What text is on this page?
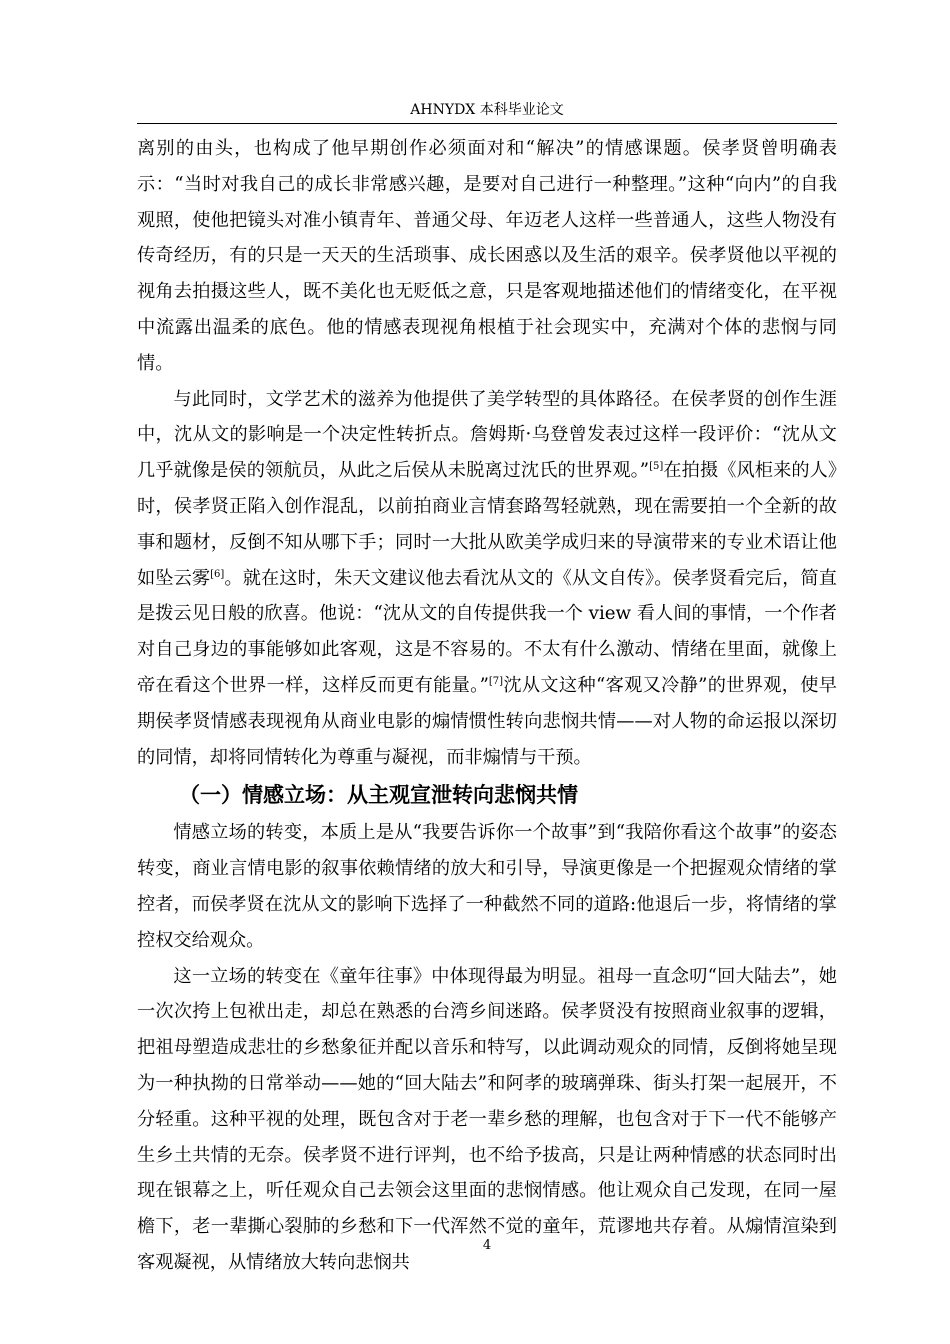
AHNYDX 本科毕业论文

离别的由头，也构成了他早期创作必须面对和“解决”的情感课题。侯孝贤曾明确表示：“当时对我自己的成长非常感兴趣，是要对自己进行一种整理。”这种“向内”的自我观照，使他把镜头对准小镇青年、普通父母、年迈老人这样一些普通人，这些人物没有传奇经历，有的只是一天天的生活琐事、成长困惑以及生活的艰辛。侯孝贤他以平视的视角去拍摄这些人，既不美化也无贬低之意，只是客观地描述他们的情绪变化，在平视中流露出温柔的底色。他的情感表现视角根植于社会现实中，充满对个体的悲悯与同情。

与此同时，文学艺术的滋养为他提供了美学转型的具体路径。在侯孝贤的创作生涯中，沈从文的影响是一个决定性转折点。詹姆斯·乌登曾发表过这样一段评价：“沈从文几乎就像是侯的领航员，从此之后侯从未脱离过沈氏的世界观。”[5]在拍摄《风柜来的人》时，侯孝贤正陷入创作混乱，以前拍商业言情套路驾轻就熟，现在需要拍一个全新的故事和题材，反倒不知从哪下手；同时一大批从欧美学成归来的导演带来的专业术语让他如坠云雾[6]。就在这时，朱天文建议他去看沈从文的《从文自传》。侯孝贤看完后，简直是拨云见日般的欣喜。他说：“沈从文的自传提供我一个 view 看人间的事情，一个作者对自己身边的事能够如此客观，这是不容易的。不太有什么激动、情绪在里面，就像上帝在看这个世界一样，这样反而更有能量。”[7]沈从文这种“客观又冷静”的世界观，使早期侯孝贤情感表现视角从商业电影的煽情惯性转向悲悯共情——对人物的命运报以深切的同情，却将同情转化为尊重与凝视，而非煽情与干预。

（一）情感立场：从主观宣泄转向悲悯共情

情感立场的转变，本质上是从“我要告诉你一个故事”到“我陪你看这个故事”的姿态转变，商业言情电影的叙事依赖情绪的放大和引导，导演更像是一个把握观众情绪的掌控者，而侯孝贤在沈从文的影响下选择了一种截然不同的道路:他退后一步，将情绪的掌控权交给观众。

这一立场的转变在《童年往事》中体现得最为明显。祖母一直念叨“回大陆去”，她一次次挎上包袱出走，却总在熟悉的台湾乡间迷路。侯孝贤没有按照商业叙事的逻辑，把祖母塑造成悲壮的乡愁象征并配以音乐和特写，以此调动观众的同情，反倒将她呈现为一种执拗的日常举动——她的“回大陆去”和阿孝的玻璃弹珠、街头打架一起展开，不分轻重。这种平视的处理，既包含对于老一辈乡愁的理解，也包含对于下一代不能够产生乡土共情的无奈。侯孝贤不进行评判，也不给予拔高，只是让两种情感的状态同时出现在银幕之上，听任观众自己去领会这里面的悲悯情感。他让观众自己发现，在同一屋檐下，老一辈撕心裂肺的乡愁和下一代浑然不觉的童年，荒谬地共存着。从煽情渲染到客观凝视，从情绪放大转向悲悯共

4
